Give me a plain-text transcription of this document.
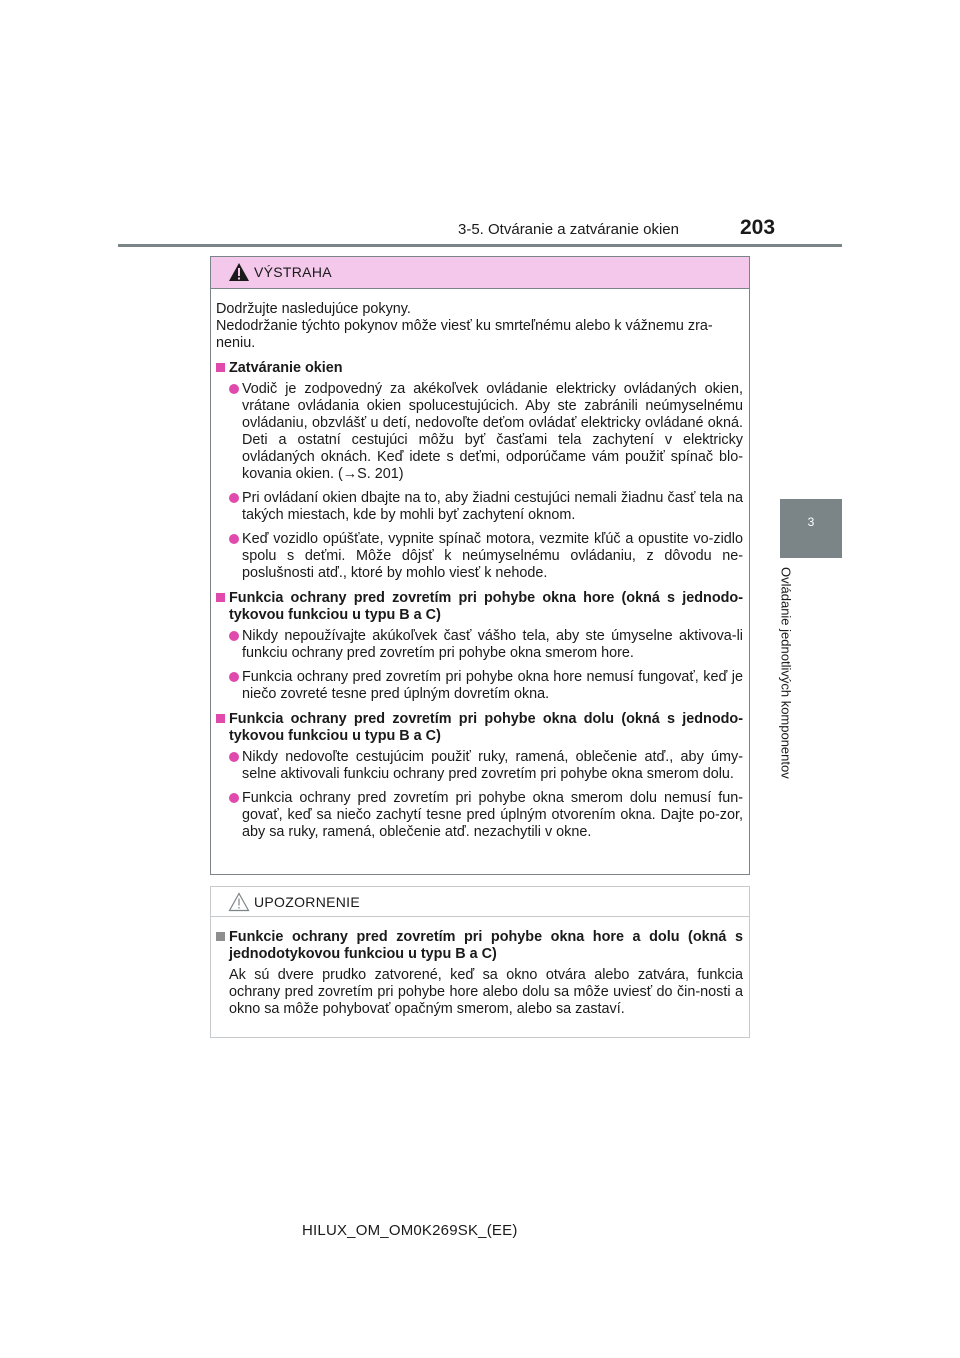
3-5. Otváranie a zatváranie okien	203
3
Ovládanie jednotlivých komponentov
VÝSTRAHA

Dodržujte nasledujúce pokyny.

Nedodržanie týchto pokynov môže viesť ku smrteľnému alebo k vážnemu zra-neniu.

Zatváranie okien
Vodič je zodpovedný za akékoľvek ovládanie elektricky ovládaných okien, vrátane ovládania okien spolucestujúcich. Aby ste zabránili neúmyselnému ovládaniu, obzvlášť u detí, nedovoľte deťom ovládať elektricky ovládané okná. Deti a ostatní cestujúci môžu byť časťami tela zachytení v elektricky ovládaných oknách. Keď idete s deťmi, odporúčame vám použiť spínač blo-kovania okien. (→S. 201)
Pri ovládaní okien dbajte na to, aby žiadni cestujúci nemali žiadnu časť tela na takých miestach, kde by mohli byť zachytení oknom.
Keď vozidlo opúšťate, vypnite spínač motora, vezmite kľúč a opustite vo-zidlo spolu s deťmi. Môže dôjsť k neúmyselnému ovládaniu, z dôvodu ne-poslušnosti atď., ktoré by mohlo viesť k nehode.
Funkcia ochrany pred zovretím pri pohybe okna hore (okná s jednodo-tykovou funkciou u typu B a C)
Nikdy nepoužívajte akúkoľvek časť vášho tela, aby ste úmyselne aktivova-li funkciu ochrany pred zovretím pri pohybe okna smerom hore.
Funkcia ochrany pred zovretím pri pohybe okna hore nemusí fungovať, keď je niečo zovreté tesne pred úplným dovretím okna.
Funkcia ochrany pred zovretím pri pohybe okna dolu (okná s jednodo-tykovou funkciou u typu B a C)
Nikdy nedovoľte cestujúcim použiť ruky, ramená, oblečenie atď., aby úmy-selne aktivovali funkciu ochrany pred zovretím pri pohybe okna smerom dolu.
Funkcia ochrany pred zovretím pri pohybe okna smerom dolu nemusí fun-govať, keď sa niečo zachytí tesne pred úplným otvorením okna. Dajte po-zor, aby sa ruky, ramená, oblečenie atď. nezachytili v okne.
UPOZORNENIE
Funkcie ochrany pred zovretím pri pohybe okna hore a dolu (okná s jednodotykovou funkciou u typu B a C)

Ak sú dvere prudko zatvorené, keď sa okno otvára alebo zatvára, funkcia ochrany pred zovretím pri pohybe hore alebo dolu sa môže uviesť do čin-nosti a okno sa môže pohybovať opačným smerom, alebo sa zastaví.

HILUX_OM_OM0K269SK_(EE)
